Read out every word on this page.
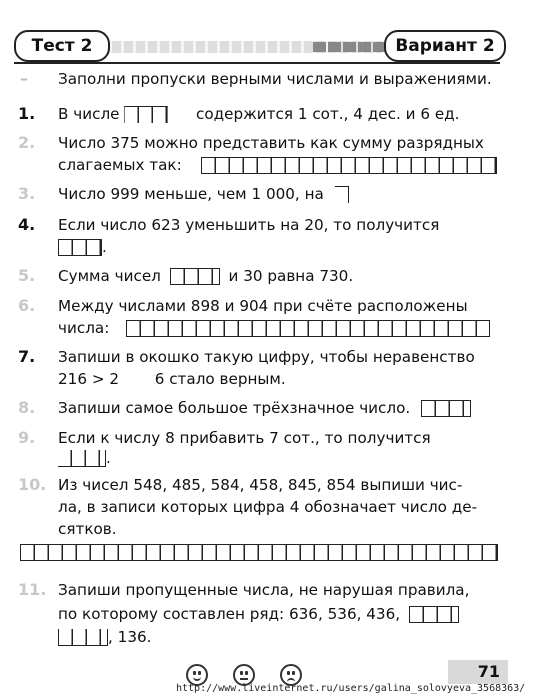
Тест 2	Вариант 2
– Заполни пропуски верными числами и выражениями.
1. В числе	содержится 1 сот., 4 дес. и 6 ед.
2. Число 375 можно представить как сумму разрядных
слагаемых так:
3. Число 999 меньше, чем 1 000, на
4. Если число 623 уменьшить на 20, то получится
.
5. Сумма чисел	и 30 равна 730.
6. Между числами 898 и 904 при счёте расположены
числа:
7. Запиши в окошко такую цифру, чтобы неравенство
216 > 2 6 стало верным.
8. Запиши самое большое трёхзначное число.
9. Если к числу 8 прибавить 7 сот., то получится
.
10. Из чисел 548, 485, 584, 458, 845, 854 выпиши чис-
ла, в записи которых цифра 4 обозначает число де-
сятков.
11. Запиши пропущенные числа, не нарушая правила,
по которому составлен ряд: 636, 536, 436,
, 136.
71
http://www.liveinternet.ru/users/galina_solovyeva_3568363/
